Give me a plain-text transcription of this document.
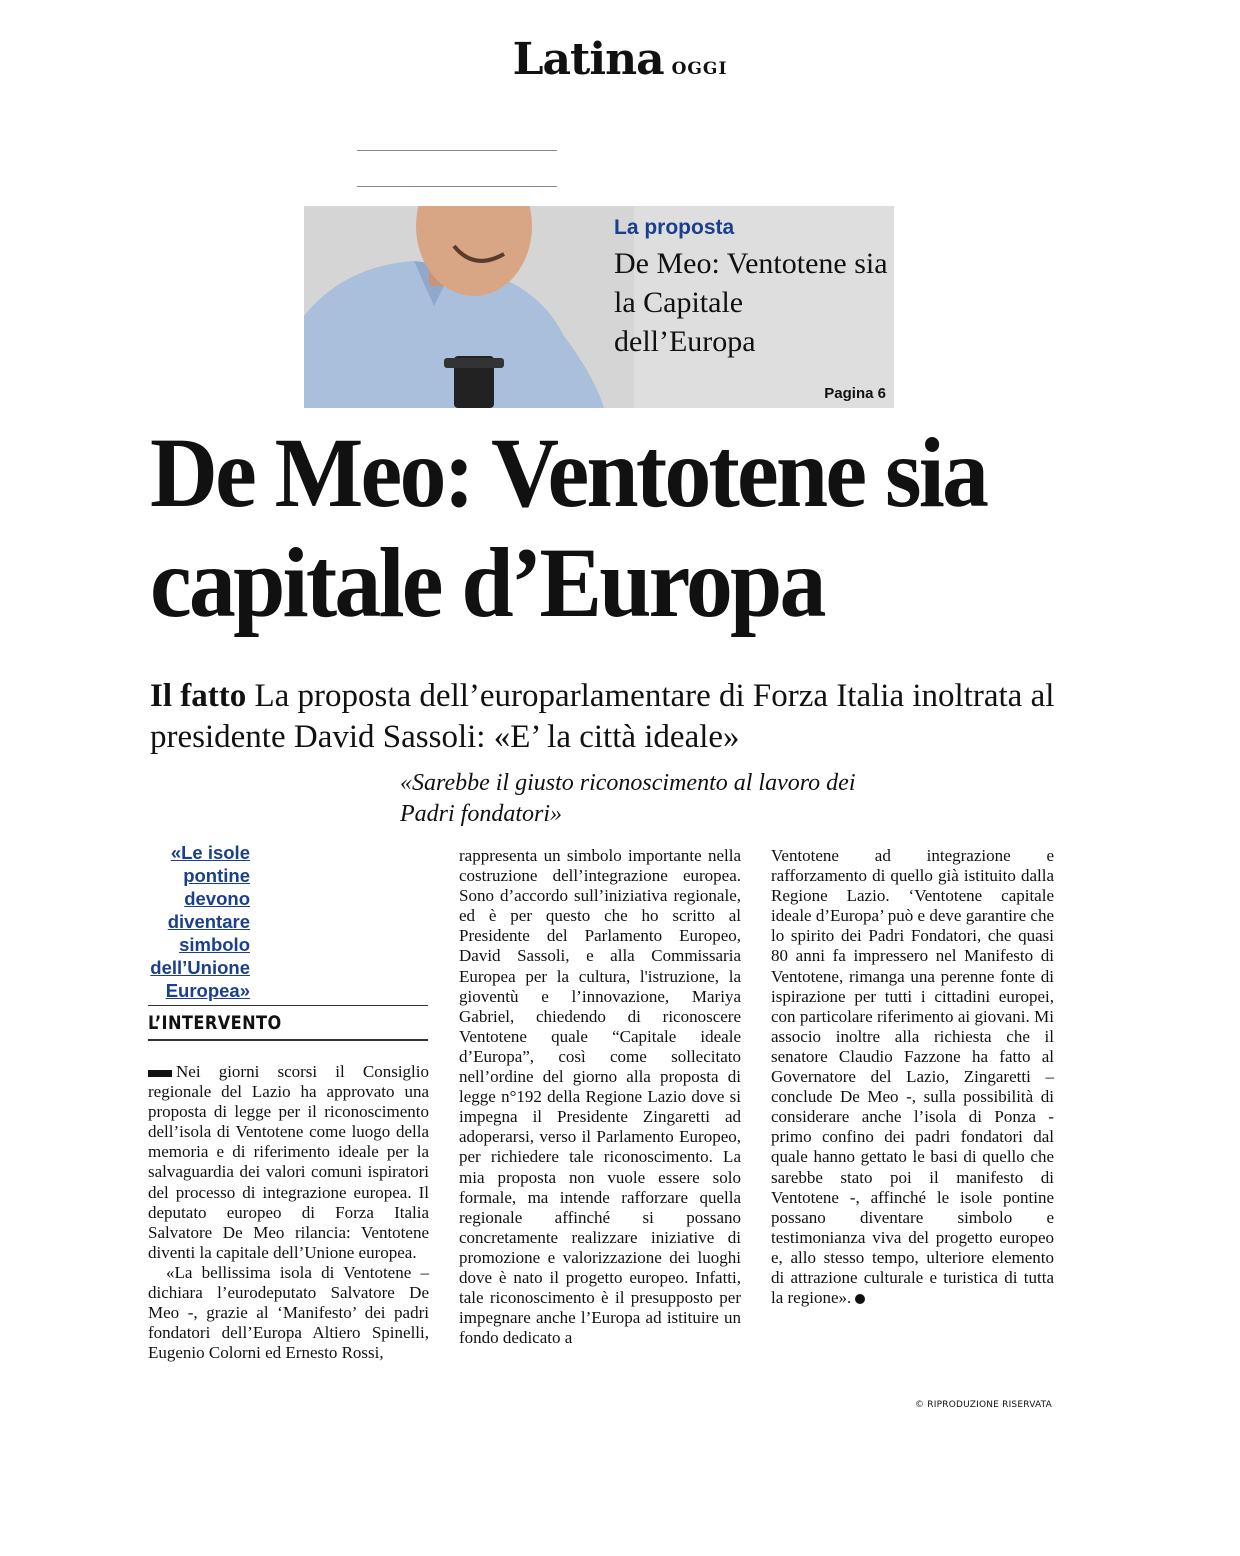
Latina OGGI
La proposta
De Meo: Ventotene sia la Capitale dell’Europa
Pagina 6
De Meo: Ventotene sia capitale d’Europa
Il fatto La proposta dell’europarlamentare di Forza Italia inoltrata al presidente David Sassoli: «E’ la città ideale»
«Sarebbe il giusto riconoscimento al lavoro dei Padri fondatori»
«Le isole pontine devono diventare simbolo dell’Unione Europea»
L’INTERVENTO

Nei giorni scorsi il Consiglio regionale del Lazio ha approvato una proposta di legge per il riconoscimento dell’isola di Ventotene come luogo della memoria e di riferimento ideale per la salvaguardia dei valori comuni ispiratori del processo di integrazione europea. Il deputato europeo di Forza Italia Salvatore De Meo rilancia: Ventotene diventi la capitale dell’Unione europea.

«La bellissima isola di Ventotene – dichiara l’eurodeputato Salvatore De Meo -, grazie al ‘Manifesto’ dei padri fondatori dell’Europa Altiero Spinelli, Eugenio Colorni ed Ernesto Rossi,

rappresenta un simbolo importante nella costruzione dell’integrazione europea. Sono d’accordo sull’iniziativa regionale, ed è per questo che ho scritto al Presidente del Parlamento Europeo, David Sassoli, e alla Commissaria Europea per la cultura, l'istruzione, la gioventù e l’innovazione, Mariya Gabriel, chiedendo di riconoscere Ventotene quale “Capitale ideale d’Europa”, così come sollecitato nell’ordine del giorno alla proposta di legge n°192 della Regione Lazio dove si impegna il Presidente Zingaretti ad adoperarsi, verso il Parlamento Europeo, per richiedere tale riconoscimento. La mia proposta non vuole essere solo formale, ma intende rafforzare quella regionale affinché si possano concretamente realizzare iniziative di promozione e valorizzazione dei luoghi dove è nato il progetto europeo. Infatti, tale riconoscimento è il presupposto per impegnare anche l’Europa ad istituire un fondo dedicato a

Ventotene ad integrazione e rafforzamento di quello già istituito dalla Regione Lazio. ‘Ventotene capitale ideale d’Europa’ può e deve garantire che lo spirito dei Padri Fondatori, che quasi 80 anni fa impressero nel Manifesto di Ventotene, rimanga una perenne fonte di ispirazione per tutti i cittadini europei, con particolare riferimento ai giovani. Mi associo inoltre alla richiesta che il senatore Claudio Fazzone ha fatto al Governatore del Lazio, Zingaretti – conclude De Meo -, sulla possibilità di considerare anche l’isola di Ponza - primo confino dei padri fondatori dal quale hanno gettato le basi di quello che sarebbe stato poi il manifesto di Ventotene -, affinché le isole pontine possano diventare simbolo e testimonianza viva del progetto europeo e, allo stesso tempo, ulteriore elemento di attrazione culturale e turistica di tutta la regione».

© RIPRODUZIONE RISERVATA
